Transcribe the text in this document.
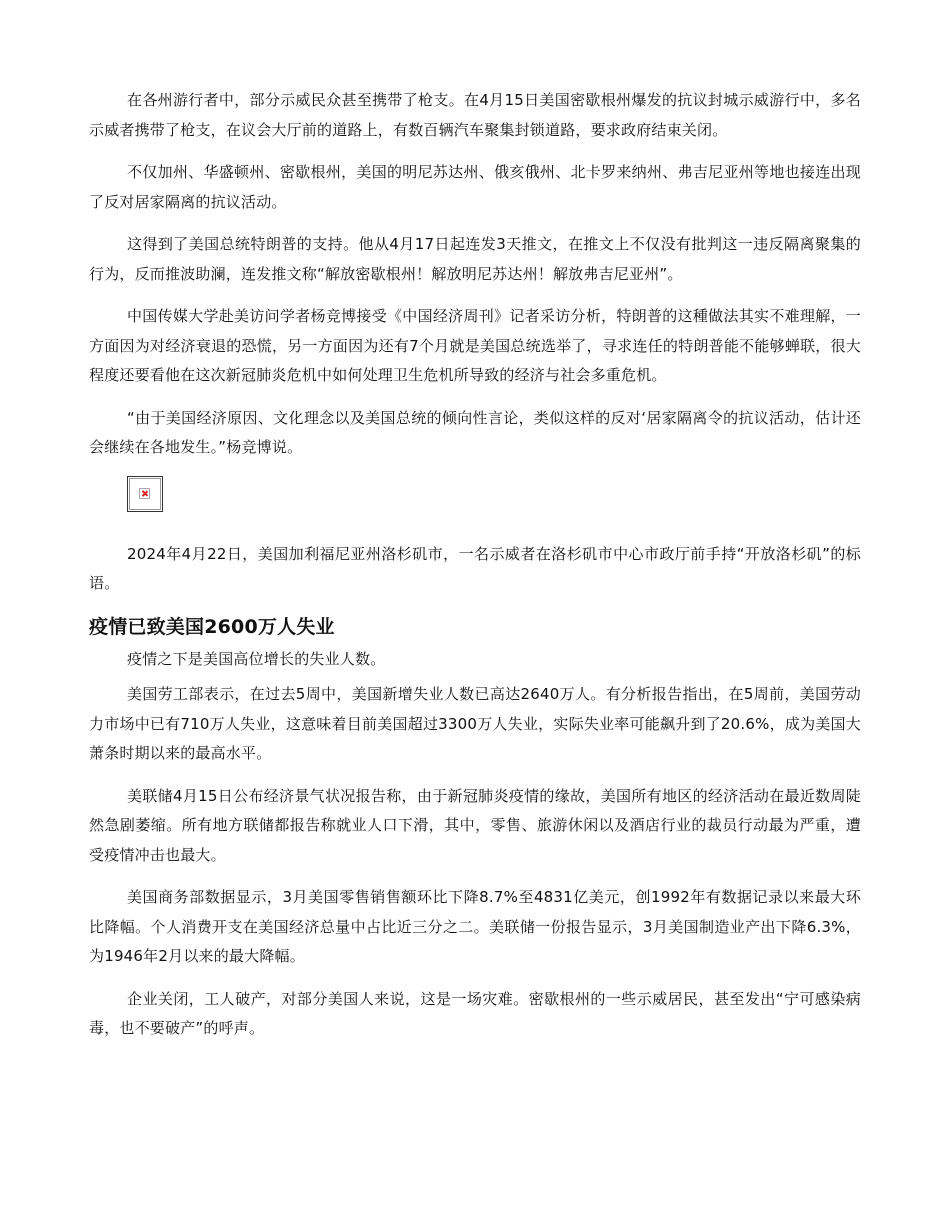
在各州游行者中，部分示威民众甚至携带了枪支。在4月15日美国密歇根州爆发的抗议封城示威游行中，多名示威者携带了枪支，在议会大厅前的道路上，有数百辆汽车聚集封锁道路，要求政府结束关闭。

不仅加州、华盛顿州、密歇根州，美国的明尼苏达州、俄亥俄州、北卡罗来纳州、弗吉尼亚州等地也接连出现了反对居家隔离的抗议活动。

这得到了美国总统特朗普的支持。他从4月17日起连发3天推文，在推文上不仅没有批判这一违反隔离聚集的行为，反而推波助澜，连发推文称“解放密歇根州！解放明尼苏达州！解放弗吉尼亚州”。

中国传媒大学赴美访问学者杨竞博接受《中国经济周刊》记者采访分析，特朗普的这種做法其实不难理解，一方面因为对经济衰退的恐慌，另一方面因为还有7个月就是美国总统选举了，寻求连任的特朗普能不能够蝉联，很大程度还要看他在这次新冠肺炎危机中如何处理卫生危机所导致的经济与社会多重危机。

“由于美国经济原因、文化理念以及美国总统的倾向性言论，类似这样的反对‘居家隔离令的抗议活动，估计还会继续在各地发生。”杨竞博说。

2024年4月22日，美国加利福尼亚州洛杉矶市，一名示威者在洛杉矶市中心市政厅前手持“开放洛杉矶”的标语。

疫情已致美国2600万人失业

疫情之下是美国高位增长的失业人数。

美国劳工部表示，在过去5周中，美国新增失业人数已高达2640万人。有分析报告指出，在5周前，美国劳动力市场中已有710万人失业，这意味着目前美国超过3300万人失业，实际失业率可能飙升到了20.6%，成为美国大萧条时期以来的最高水平。

美联储4月15日公布经济景气状况报告称，由于新冠肺炎疫情的缘故，美国所有地区的经济活动在最近数周陡然急剧萎缩。所有地方联储都报告称就业人口下滑，其中，零售、旅游休闲以及酒店行业的裁员行动最为严重，遭受疫情冲击也最大。

美国商务部数据显示，3月美国零售销售额环比下降8.7%至4831亿美元，创1992年有数据记录以来最大环比降幅。个人消费开支在美国经济总量中占比近三分之二。美联储一份报告显示，3月美国制造业产出下降6.3%，为1946年2月以来的最大降幅。

企业关闭，工人破产，对部分美国人来说，这是一场灾难。密歇根州的一些示威居民，甚至发出“宁可感染病毒，也不要破产”的呼声。
